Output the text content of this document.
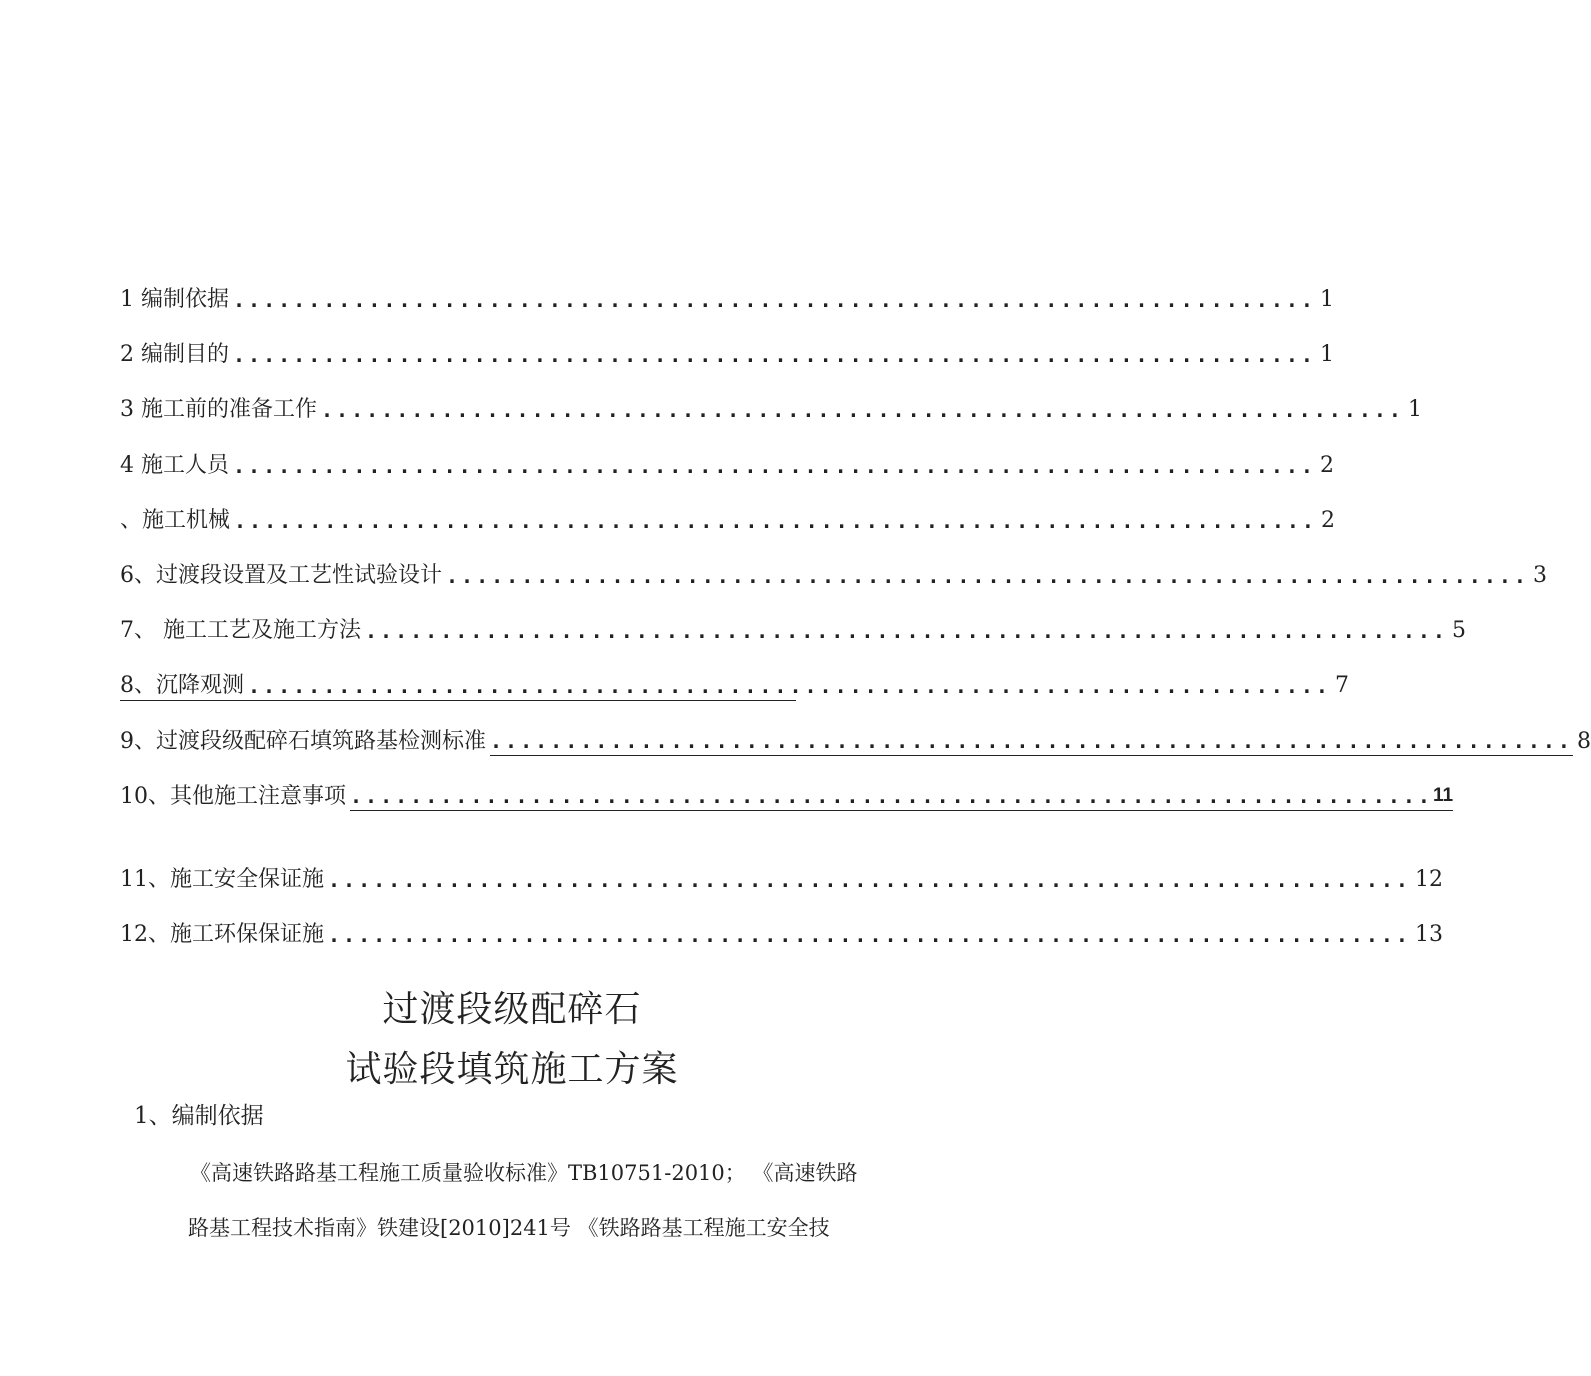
1 编制依据 ........................................................................ 1
2 编制目的 ........................................................................ 1
3 施工前的准备工作 ........................................................................ 1
4 施工人员 ........................................................................ 2
、施工机械 ........................................................................ 2
6、过渡段设置及工艺性试验设计 ........................................................................ 3
7、 施工工艺及施工方法 ........................................................................ 5
8、沉降观测 ........................................................................ 7
9、过渡段级配碎石填筑路基检测标准 ........................................................................ 8
10、其他施工注意事项 ........................................................................ 11
11、施工安全保证施 ........................................................................ 12
12、施工环保保证施 ........................................................................ 13
过渡段级配碎石
试验段填筑施工方案
1、编制依据
《高速铁路路基工程施工质量验收标准》TB10751-2010； 《高速铁路
路基工程技术指南》铁建设[2010]241号 《铁路路基工程施工安全技
